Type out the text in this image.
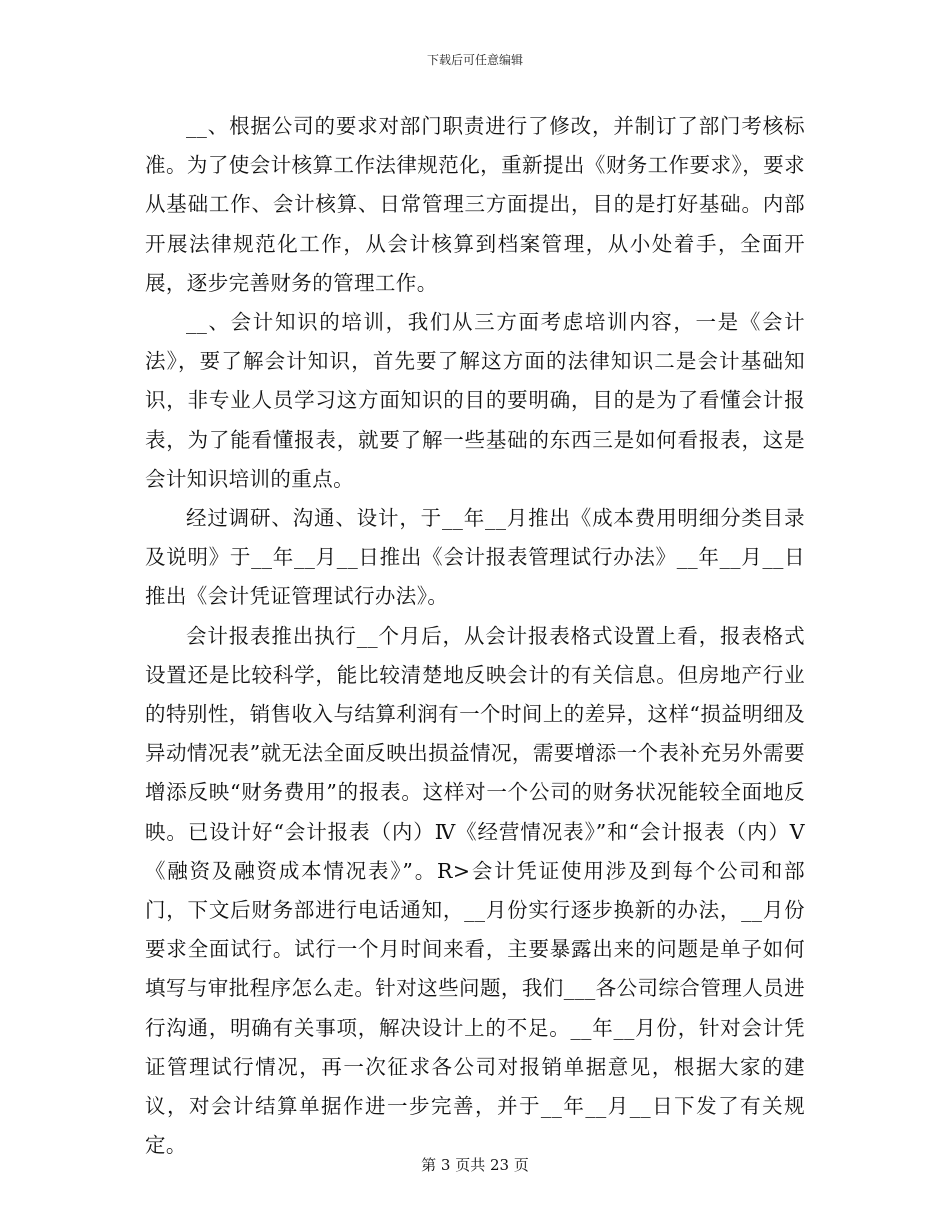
下载后可任意编辑

__、根据公司的要求对部门职责进行了修改，并制订了部门考核标准。为了使会计核算工作法律规范化，重新提出《财务工作要求》，要求从基础工作、会计核算、日常管理三方面提出，目的是打好基础。内部开展法律规范化工作，从会计核算到档案管理，从小处着手，全面开展，逐步完善财务的管理工作。

__、会计知识的培训，我们从三方面考虑培训内容，一是《会计法》，要了解会计知识，首先要了解这方面的法律知识二是会计基础知识，非专业人员学习这方面知识的目的要明确，目的是为了看懂会计报表，为了能看懂报表，就要了解一些基础的东西三是如何看报表，这是会计知识培训的重点。

经过调研、沟通、设计，于__年__月推出《成本费用明细分类目录及说明》于__年__月__日推出《会计报表管理试行办法》__年__月__日推出《会计凭证管理试行办法》。

会计报表推出执行__个月后，从会计报表格式设置上看，报表格式设置还是比较科学，能比较清楚地反映会计的有关信息。但房地产行业的特别性，销售收入与结算利润有一个时间上的差异，这样“损益明细及异动情况表”就无法全面反映出损益情况，需要增添一个表补充另外需要增添反映“财务费用”的报表。这样对一个公司的财务状况能较全面地反映。已设计好“会计报表（内）Ⅳ《经营情况表》”和“会计报表（内）Ⅴ《融资及融资成本情况表》”。R>会计凭证使用涉及到每个公司和部门，下文后财务部进行电话通知，__月份实行逐步换新的办法，__月份要求全面试行。试行一个月时间来看，主要暴露出来的问题是单子如何填写与审批程序怎么走。针对这些问题，我们___各公司综合管理人员进行沟通，明确有关事项，解决设计上的不足。__年__月份，针对会计凭证管理试行情况，再一次征求各公司对报销单据意见，根据大家的建议，对会计结算单据作进一步完善，并于__年__月__日下发了有关规定。

第 3 页共 23 页
